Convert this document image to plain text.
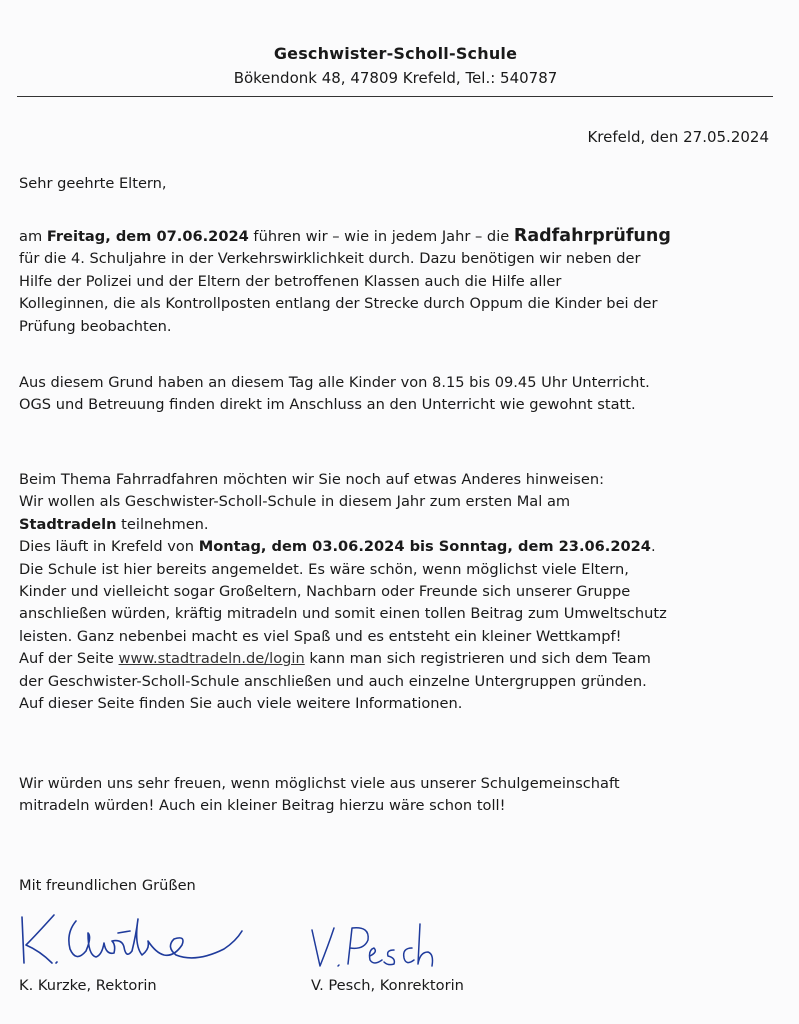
Geschwister-Scholl-Schule
Bökendonk 48, 47809 Krefeld, Tel.: 540787
Krefeld, den 27.05.2024

Sehr geehrte Eltern,

am Freitag, dem 07.06.2024 führen wir – wie in jedem Jahr – die Radfahrprüfung

für die 4. Schuljahre in der Verkehrswirklichkeit durch. Dazu benötigen wir neben der

Hilfe der Polizei und der Eltern der betroffenen Klassen auch die Hilfe aller

Kolleginnen, die als Kontrollposten entlang der Strecke durch Oppum die Kinder bei der

Prüfung beobachten.

Aus diesem Grund haben an diesem Tag alle Kinder von 8.15 bis 09.45 Uhr Unterricht.

OGS und Betreuung finden direkt im Anschluss an den Unterricht wie gewohnt statt.

Beim Thema Fahrradfahren möchten wir Sie noch auf etwas Anderes hinweisen:

Wir wollen als Geschwister-Scholl-Schule in diesem Jahr zum ersten Mal am

Stadtradeln teilnehmen.

Dies läuft in Krefeld von Montag, dem 03.06.2024 bis Sonntag, dem 23.06.2024.

Die Schule ist hier bereits angemeldet. Es wäre schön, wenn möglichst viele Eltern,

Kinder und vielleicht sogar Großeltern, Nachbarn oder Freunde sich unserer Gruppe

anschließen würden, kräftig mitradeln und somit einen tollen Beitrag zum Umweltschutz

leisten. Ganz nebenbei macht es viel Spaß und es entsteht ein kleiner Wettkampf!

Auf der Seite www.stadtradeln.de/login kann man sich registrieren und sich dem Team

der Geschwister-Scholl-Schule anschließen und auch einzelne Untergruppen gründen.

Auf dieser Seite finden Sie auch viele weitere Informationen.

Wir würden uns sehr freuen, wenn möglichst viele aus unserer Schulgemeinschaft

mitradeln würden! Auch ein kleiner Beitrag hierzu wäre schon toll!

Mit freundlichen Grüßen

K. Kurzke, Rektorin	V. Pesch, Konrektorin
